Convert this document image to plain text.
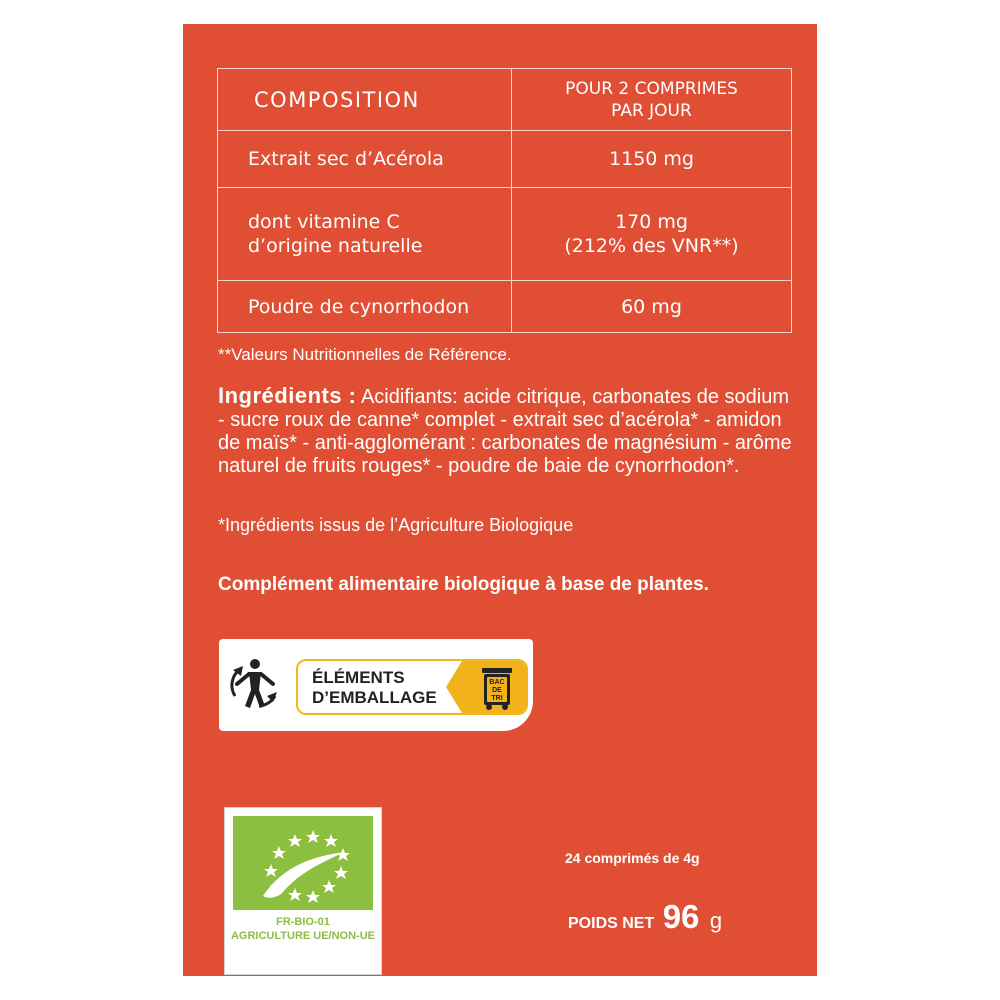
COMPOSITION	POUR 2 COMPRIMES
PAR JOUR

Extrait sec d’Acérola	1150 mg

dont vitamine C
d’origine naturelle	170 mg
(212% des VNR**)

Poudre de cynorrhodon	60 mg
**Valeurs Nutritionnelles de Référence.
Ingrédients : Acidifiants: acide citrique, carbonates de sodium - sucre roux de canne* complet - extrait sec d’acérola* - amidon de maïs* - anti-agglomérant : carbonates de magnésium - arôme naturel de fruits rouges* - poudre de baie de cynorrhodon*.
*Ingrédients issus de l’Agriculture Biologique
Complément alimentaire biologique à base de plantes.
ÉLÉMENTS
D’EMBALLAGE
BAC
DE
TRI
FR-BIO-01
AGRICULTURE UE/NON-UE
24 comprimés de 4g
POIDS NET 96 g
